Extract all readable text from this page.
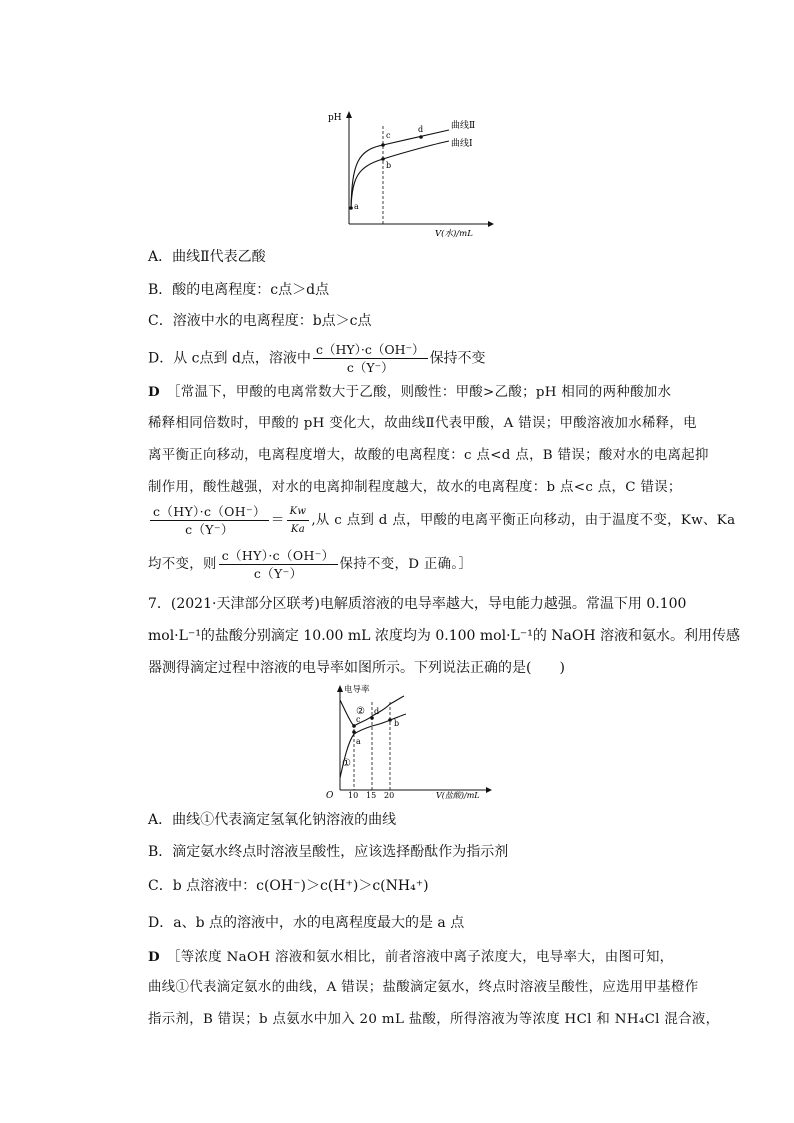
pH
V(水)/mL
a
c
b
d	曲线Ⅱ
曲线Ⅰ
A．曲线Ⅱ代表乙酸
B．酸的电离程度：c点＞d点
C．溶液中水的电离程度：b点＞c点
D．从 c点到 d点，溶液中 $\frac{c(HY)\cdot c(OH^-)}{c(Y^-)}$ 保持不变
D　 ［常温下，甲酸的电离常数大于乙酸，则酸性：甲酸>乙酸；pH 相同的两种酸加水
稀释相同倍数时，甲酸的 pH 变化大，故曲线Ⅱ代表甲酸，A 错误；甲酸溶液加水稀释，电
离平衡正向移动，电离程度增大，故酸的电离程度：c 点<d 点，B 错误；酸对水的电离起抑
制作用，酸性越强，对水的电离抑制程度越大，故水的电离程度：b 点<c 点，C 错误；
$\frac{c(HY)\cdot c(OH^-)}{c(Y^-)} = \frac{Kw}{Ka}$ ,从 c 点到 d 点，甲酸的电离平衡正向移动，由于温度不变，Kw、Ka
均不变，则 $\frac{c(HY)\cdot c(OH^-)}{c(Y^-)}$ 保持不变，D 正确。］
7．(2021·天津部分区联考)电解质溶液的电导率越大，导电能力越强。常温下用 0.100
mol·L⁻¹的盐酸分别滴定 10.00 mL 浓度均为 0.100 mol·L⁻¹的 NaOH 溶液和氨水。利用传感
器测得滴定过程中溶液的电导率如图所示。下列说法正确的是(　　)
电导率
O	V(盐酸)/mL
10 15 20
a
c
d
b
②
①
A．曲线①代表滴定氢氧化钠溶液的曲线
B．滴定氨水终点时溶液呈酸性，应该选择酚酞作为指示剂
C．b 点溶液中：c(OH⁻)＞c(H⁺)＞c(NH₄⁺)
D．a、b 点的溶液中，水的电离程度最大的是 a 点
D　 ［等浓度 NaOH 溶液和氨水相比，前者溶液中离子浓度大，电导率大，由图可知，
曲线①代表滴定氨水的曲线，A 错误；盐酸滴定氨水，终点时溶液呈酸性，应选用甲基橙作
指示剂，B 错误；b 点氨水中加入 20 mL 盐酸，所得溶液为等浓度 HCl 和 NH₄Cl 混合液，
